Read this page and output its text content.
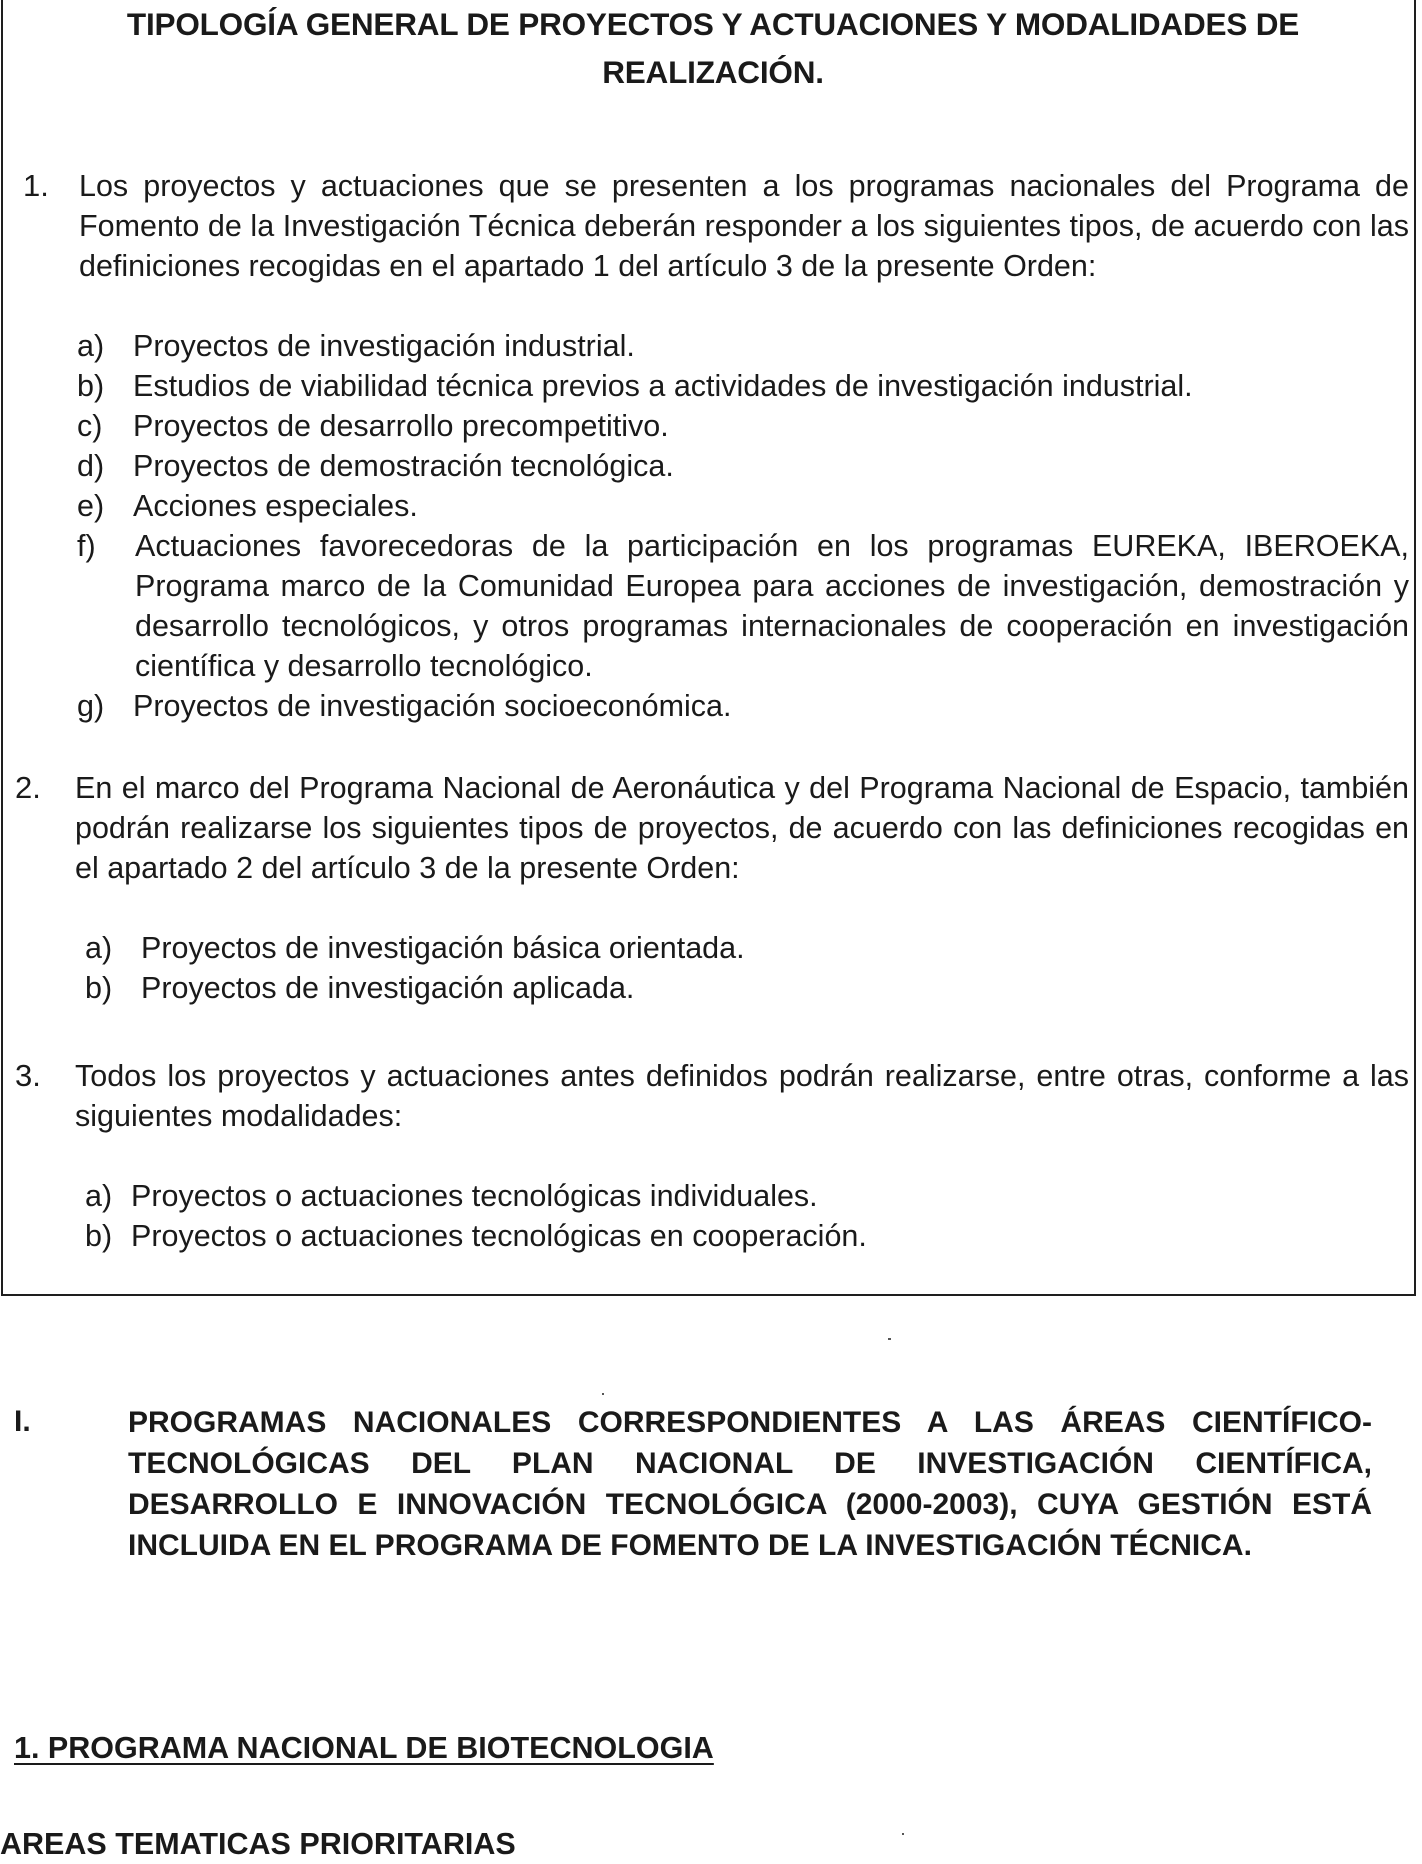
TIPOLOGÍA GENERAL DE PROYECTOS Y ACTUACIONES Y MODALIDADES DE REALIZACIÓN.
1. Los proyectos y actuaciones que se presenten a los programas nacionales del Programa de Fomento de la Investigación Técnica deberán responder a los siguientes tipos, de acuerdo con las definiciones recogidas en el apartado 1 del artículo 3 de la presente Orden:
a) Proyectos de investigación industrial.
b) Estudios de viabilidad técnica previos a actividades de investigación industrial.
c) Proyectos de desarrollo precompetitivo.
d) Proyectos de demostración tecnológica.
e) Acciones especiales.
f) Actuaciones favorecedoras de la participación en los programas EUREKA, IBEROEKA, Programa marco de la Comunidad Europea para acciones de investigación, demostración y desarrollo tecnológicos, y otros programas internacionales de cooperación en investigación científica y desarrollo tecnológico.
g) Proyectos de investigación socioeconómica.
2. En el marco del Programa Nacional de Aeronáutica y del Programa Nacional de Espacio, también podrán realizarse los siguientes tipos de proyectos, de acuerdo con las definiciones recogidas en el apartado 2 del artículo 3 de la presente Orden:
a) Proyectos de investigación básica orientada.
b) Proyectos de investigación aplicada.
3. Todos los proyectos y actuaciones antes definidos podrán realizarse, entre otras, conforme a las siguientes modalidades:
a) Proyectos o actuaciones tecnológicas individuales.
b) Proyectos o actuaciones tecnológicas en cooperación.
I.	PROGRAMAS NACIONALES CORRESPONDIENTES A LAS ÁREAS CIENTÍFICO-TECNOLÓGICAS DEL PLAN NACIONAL DE INVESTIGACIÓN CIENTÍFICA, DESARROLLO E INNOVACIÓN TECNOLÓGICA (2000-2003), CUYA GESTIÓN ESTÁ INCLUIDA EN EL PROGRAMA DE FOMENTO DE LA INVESTIGACIÓN TÉCNICA.
1. PROGRAMA NACIONAL DE BIOTECNOLOGIA
AREAS TEMATICAS PRIORITARIAS
